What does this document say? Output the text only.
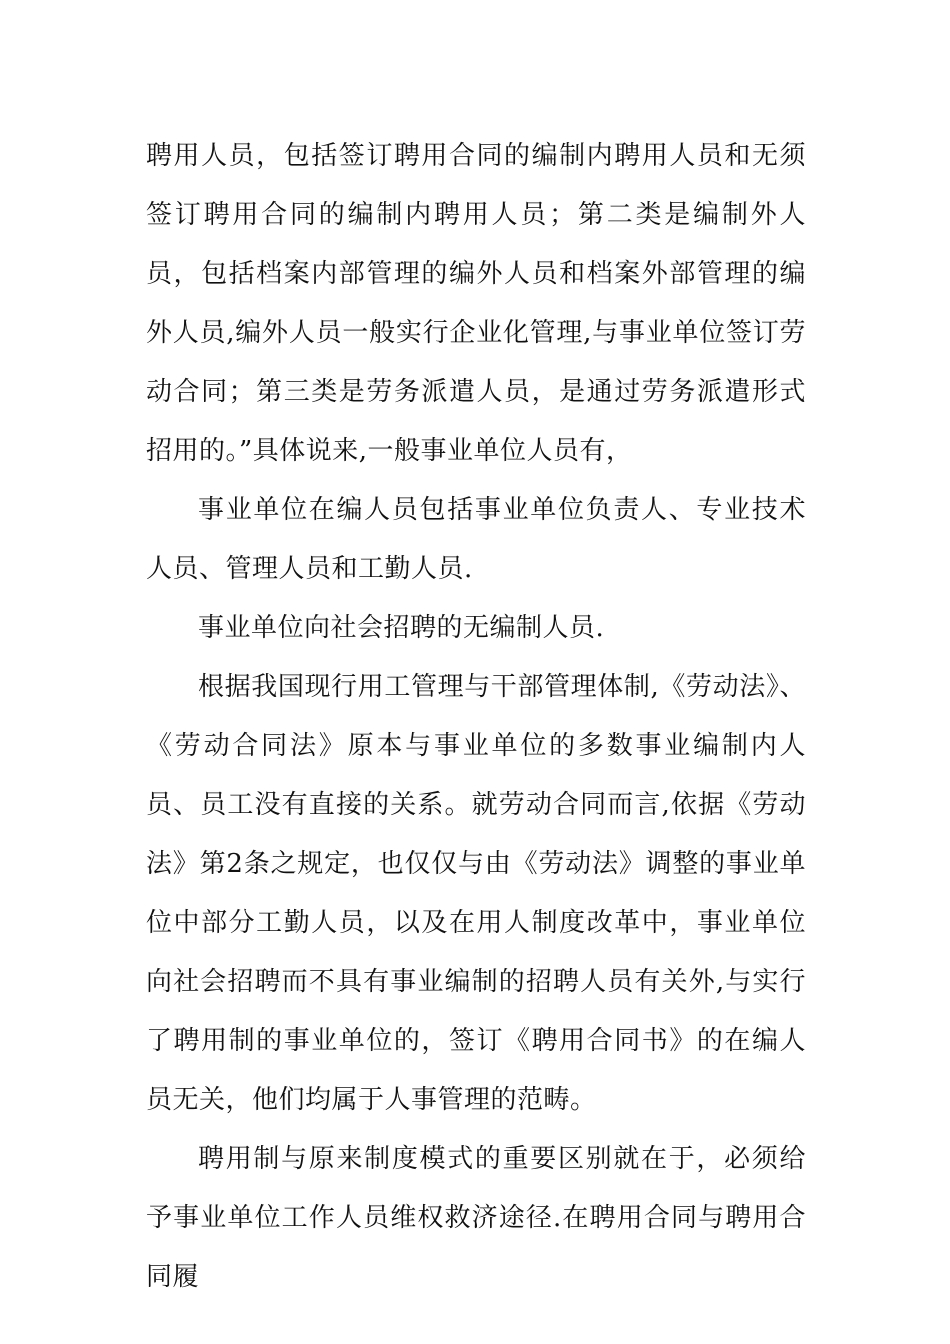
聘用人员，包括签订聘用合同的编制内聘用人员和无须签订聘用合同的编制内聘用人员；第二类是编制外人员，包括档案内部管理的编外人员和档案外部管理的编外人员,编外人员一般实行企业化管理,与事业单位签订劳动合同；第三类是劳务派遣人员，是通过劳务派遣形式招用的。”具体说来,一般事业单位人员有，

事业单位在编人员包括事业单位负责人、专业技术人员、管理人员和工勤人员.

事业单位向社会招聘的无编制人员.

根据我国现行用工管理与干部管理体制,《劳动法》、《劳动合同法》原本与事业单位的多数事业编制内人员、员工没有直接的关系。就劳动合同而言,依据《劳动法》第2条之规定，也仅仅与由《劳动法》调整的事业单位中部分工勤人员，以及在用人制度改革中，事业单位向社会招聘而不具有事业编制的招聘人员有关外,与实行了聘用制的事业单位的，签订《聘用合同书》的在编人员无关，他们均属于人事管理的范畴。

聘用制与原来制度模式的重要区别就在于，必须给予事业单位工作人员维权救济途径.在聘用合同与聘用合同履
